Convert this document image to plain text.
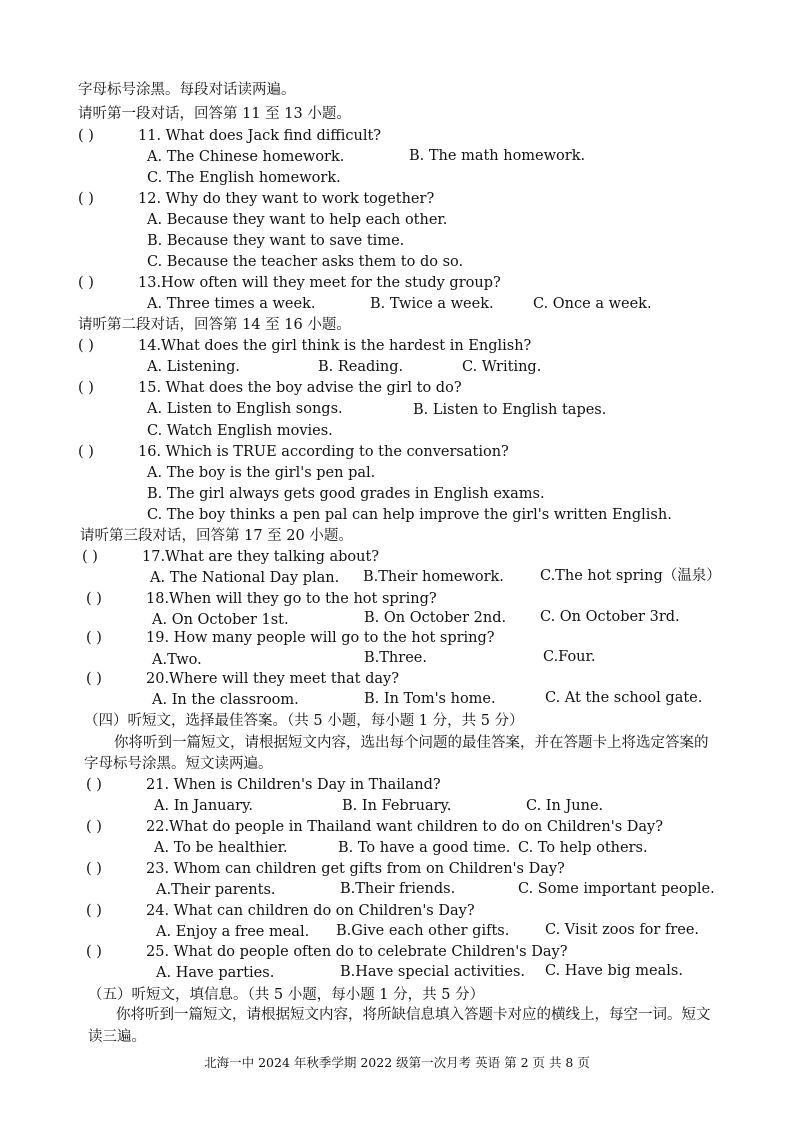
字母标号涂黑。每段对话读两遍。
请听第一段对话，回答第 11 至 13 小题。
( )	11. What does Jack find difficult?
A. The Chinese homework.	B. The math homework.
C. The English homework.
( )	12. Why do they want to work together?
A. Because they want to help each other.
B. Because they want to save time.
C. Because the teacher asks them to do so.
( )	13.How often will they meet for the study group?
A. Three times a week.	B. Twice a week.	C. Once a week.
请听第二段对话，回答第 14 至 16 小题。
( )	14.What does the girl think is the hardest in English?
A. Listening.	B. Reading.	C. Writing.
( )	15. What does the boy advise the girl to do?
A. Listen to English songs.	B. Listen to English tapes.
C. Watch English movies.
( )	16. Which is TRUE according to the conversation?
A. The boy is the girl's pen pal.
B. The girl always gets good grades in English exams.
C. The boy thinks a pen pal can help improve the girl's written English.
请听第三段对话，回答第 17 至 20 小题。
( )	17.What are they talking about?
A. The National Day plan. B.Their homework. C.The hot spring（温泉）
( )	18.When will they go to the hot spring?
A. On October 1st.	B. On October 2nd. C. On October 3rd.
( )	19. How many people will go to the hot spring?
A.Two.	B.Three.	C.Four.
( )	20.Where will they meet that day?
A. In the classroom.	B. In Tom's home.	C. At the school gate.
（四）听短文，选择最佳答案。（共 5 小题，每小题 1 分，共 5 分）
你将听到一篇短文，请根据短文内容，选出每个问题的最佳答案，并在答题卡上将选定答案的
字母标号涂黑。短文读两遍。
( )	21. When is Children's Day in Thailand?
A. In January.	B. In February.	C. In June.
( )	22.What do people in Thailand want children to do on Children's Day?
A. To be healthier.	B. To have a good time. C. To help others.
( )	23. Whom can children get gifts from on Children's Day?
A.Their parents.	B.Their friends.	C. Some important people.
( )	24. What can children do on Children's Day?
A. Enjoy a free meal. B.Give each other gifts. C. Visit zoos for free.
( )	25. What do people often do to celebrate Children's Day?
A. Have parties.	B.Have special activities. C. Have big meals.
（五）听短文，填信息。（共 5 小题，每小题 1 分，共 5 分）
你将听到一篇短文，请根据短文内容，将所缺信息填入答题卡对应的横线上，每空一词。短文
读三遍。
北海一中 2024 年秋季学期 2022 级第一次月考 英语 第 2 页 共 8 页
